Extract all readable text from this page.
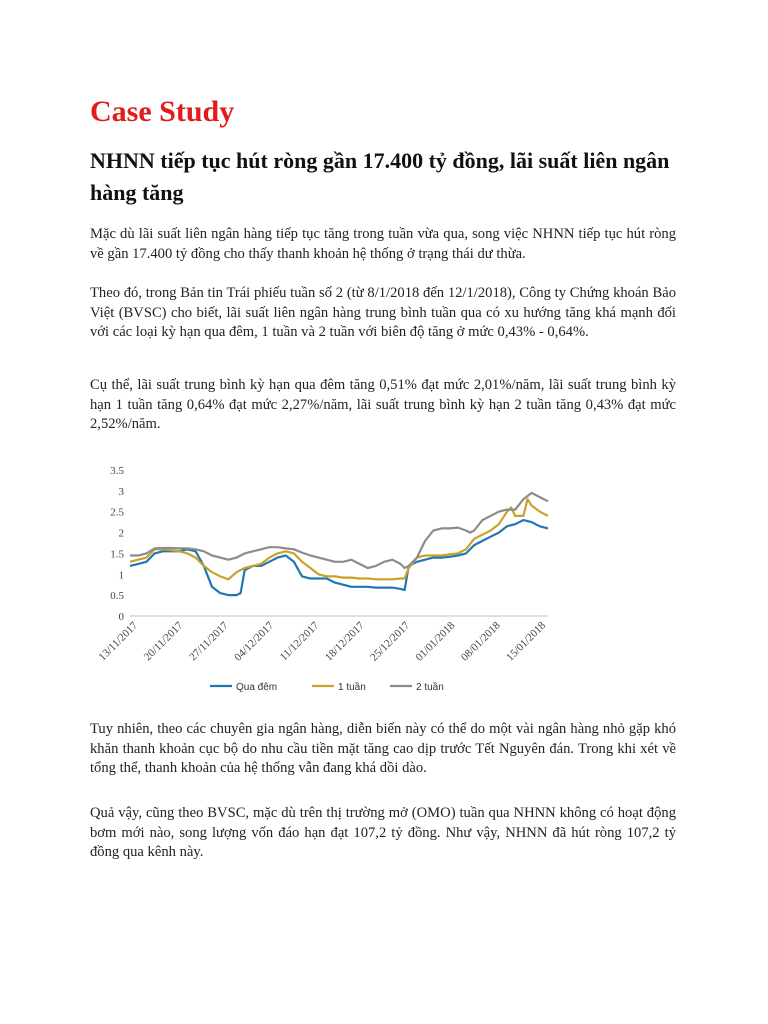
Case Study
NHNN tiếp tục hút ròng gần 17.400 tỷ đồng, lãi suất liên ngân hàng tăng

Mặc dù lãi suất liên ngân hàng tiếp tục tăng trong tuần vừa qua, song việc NHNN tiếp tục hút ròng về gần 17.400 tỷ đồng cho thấy thanh khoản hệ thống ở trạng thái dư thừa.

Theo đó, trong Bản tin Trái phiếu tuần số 2 (từ 8/1/2018 đến 12/1/2018), Công ty Chứng khoán Bảo Việt (BVSC) cho biết, lãi suất liên ngân hàng trung bình tuần qua có xu hướng tăng khá mạnh đối với các loại kỳ hạn qua đêm, 1 tuần và 2 tuần với biên độ tăng ở mức 0,43% - 0,64%.

Cụ thể, lãi suất trung bình kỳ hạn qua đêm tăng 0,51% đạt mức 2,01%/năm, lãi suất trung bình kỳ hạn 1 tuần tăng 0,64% đạt mức 2,27%/năm, lãi suất trung bình kỳ hạn 2 tuần tăng 0,43% đạt mức 2,52%/năm.

0
0.5
1
1.5
2
2.5
3
3.5
13/11/2017 20/11/2017 27/11/2017 04/12/2017 11/12/2017 18/12/2017 25/12/2017 01/01/2018 08/01/2018 15/01/2018
Qua đêm	1 tuần	2 tuần

Tuy nhiên, theo các chuyên gia ngân hàng, diễn biến này có thể do một vài ngân hàng nhỏ gặp khó khăn thanh khoản cục bộ do nhu cầu tiền mặt tăng cao dịp trước Tết Nguyên đán. Trong khi xét về tổng thể, thanh khoản của hệ thống vẫn đang khá dồi dào.

Quả vậy, cũng theo BVSC, mặc dù trên thị trường mở (OMO) tuần qua NHNN không có hoạt động bơm mới nào, song lượng vốn đáo hạn đạt 107,2 tỷ đồng. Như vậy, NHNN đã hút ròng 107,2 tỷ đồng qua kênh này.
